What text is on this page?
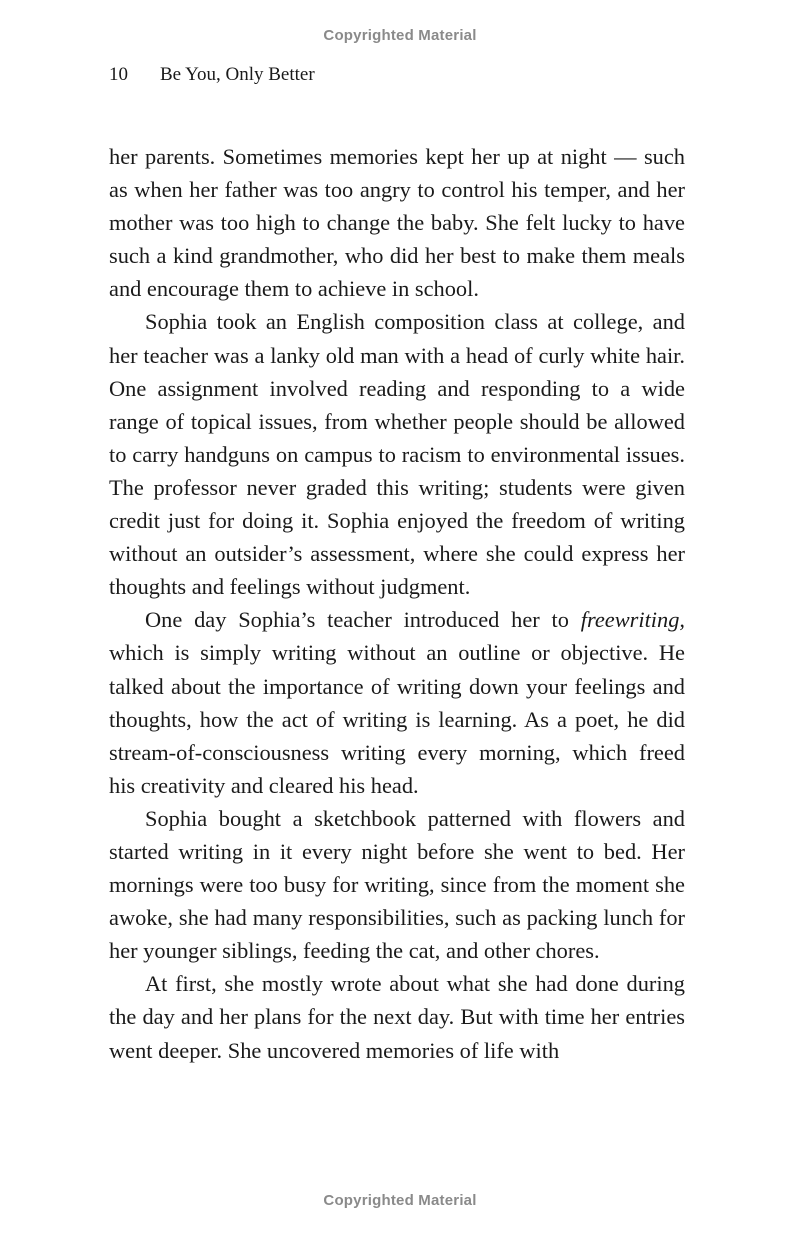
Copyrighted Material
10 Be You, Only Better

her parents. Sometimes memories kept her up at night — such as when her father was too angry to control his temper, and her mother was too high to change the baby. She felt lucky to have such a kind grandmother, who did her best to make them meals and encourage them to achieve in school.

Sophia took an English composition class at college, and her teacher was a lanky old man with a head of curly white hair. One assignment involved reading and responding to a wide range of topical issues, from whether people should be allowed to carry handguns on campus to racism to environmental issues. The professor never graded this writing; students were given credit just for doing it. Sophia enjoyed the freedom of writing without an outsider’s assessment, where she could express her thoughts and feelings without judgment.

One day Sophia’s teacher introduced her to freewriting, which is simply writing without an outline or objective. He talked about the importance of writing down your feelings and thoughts, how the act of writing is learning. As a poet, he did stream-of-consciousness writing every morning, which freed his creativity and cleared his head.

Sophia bought a sketchbook patterned with flowers and started writing in it every night before she went to bed. Her mornings were too busy for writing, since from the moment she awoke, she had many responsibilities, such as packing lunch for her younger siblings, feeding the cat, and other chores.

At first, she mostly wrote about what she had done during the day and her plans for the next day. But with time her entries went deeper. She uncovered memories of life with

Copyrighted Material
